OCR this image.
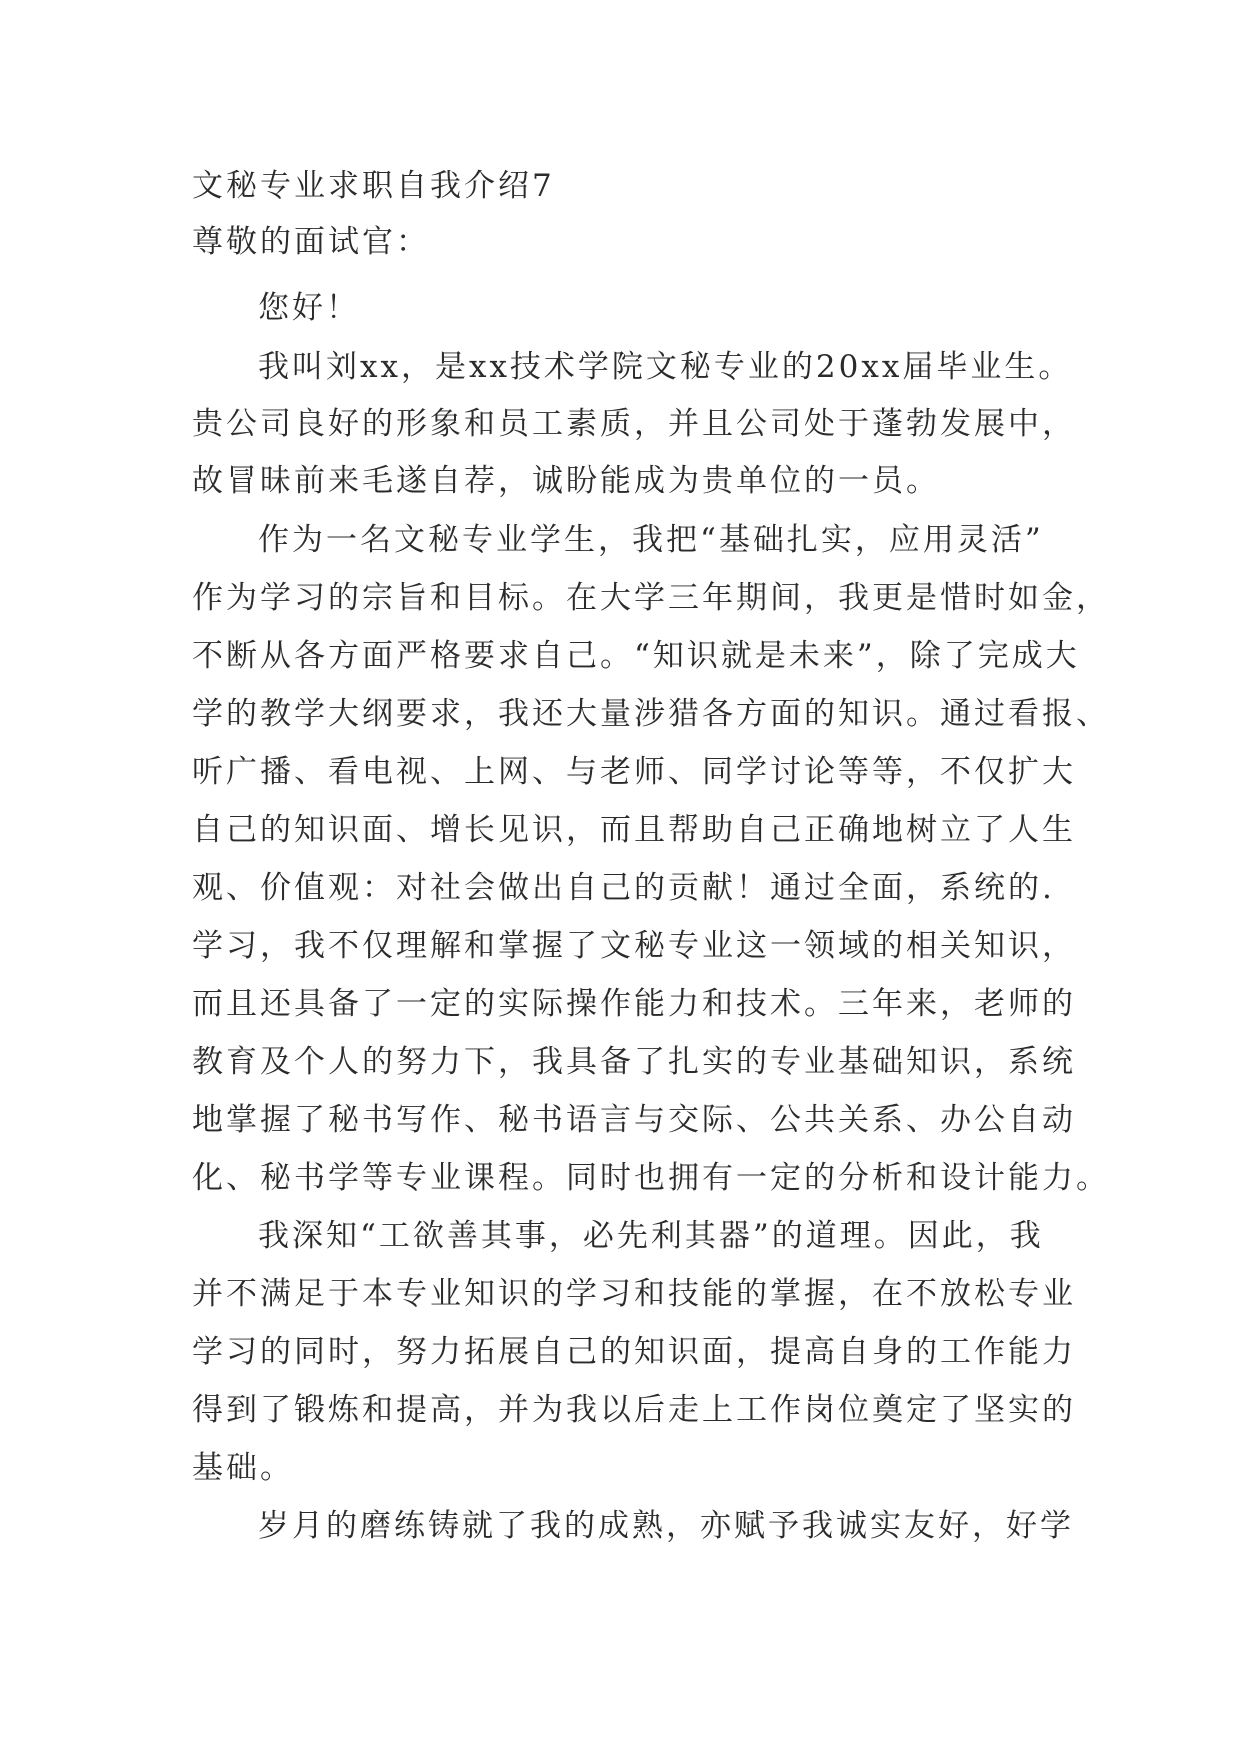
文秘专业求职自我介绍7

尊敬的面试官：

您好！

我叫刘xx，是xx技术学院文秘专业的20xx届毕业生。

贵公司良好的形象和员工素质，并且公司处于蓬勃发展中，

故冒昧前来毛遂自荐，诚盼能成为贵单位的一员。

作为一名文秘专业学生，我把“基础扎实，应用灵活”

作为学习的宗旨和目标。在大学三年期间，我更是惜时如金，

不断从各方面严格要求自己。“知识就是未来”，除了完成大

学的教学大纲要求，我还大量涉猎各方面的知识。通过看报、

听广播、看电视、上网、与老师、同学讨论等等，不仅扩大

自己的知识面、增长见识，而且帮助自己正确地树立了人生

观、价值观：对社会做出自己的贡献！通过全面，系统的.

学习，我不仅理解和掌握了文秘专业这一领域的相关知识，

而且还具备了一定的实际操作能力和技术。三年来，老师的

教育及个人的努力下，我具备了扎实的专业基础知识，系统

地掌握了秘书写作、秘书语言与交际、公共关系、办公自动

化、秘书学等专业课程。同时也拥有一定的分析和设计能力。

我深知“工欲善其事，必先利其器”的道理。因此，我

并不满足于本专业知识的学习和技能的掌握，在不放松专业

学习的同时，努力拓展自己的知识面，提高自身的工作能力

得到了锻炼和提高，并为我以后走上工作岗位奠定了坚实的

基础。

岁月的磨练铸就了我的成熟，亦赋予我诚实友好，好学
